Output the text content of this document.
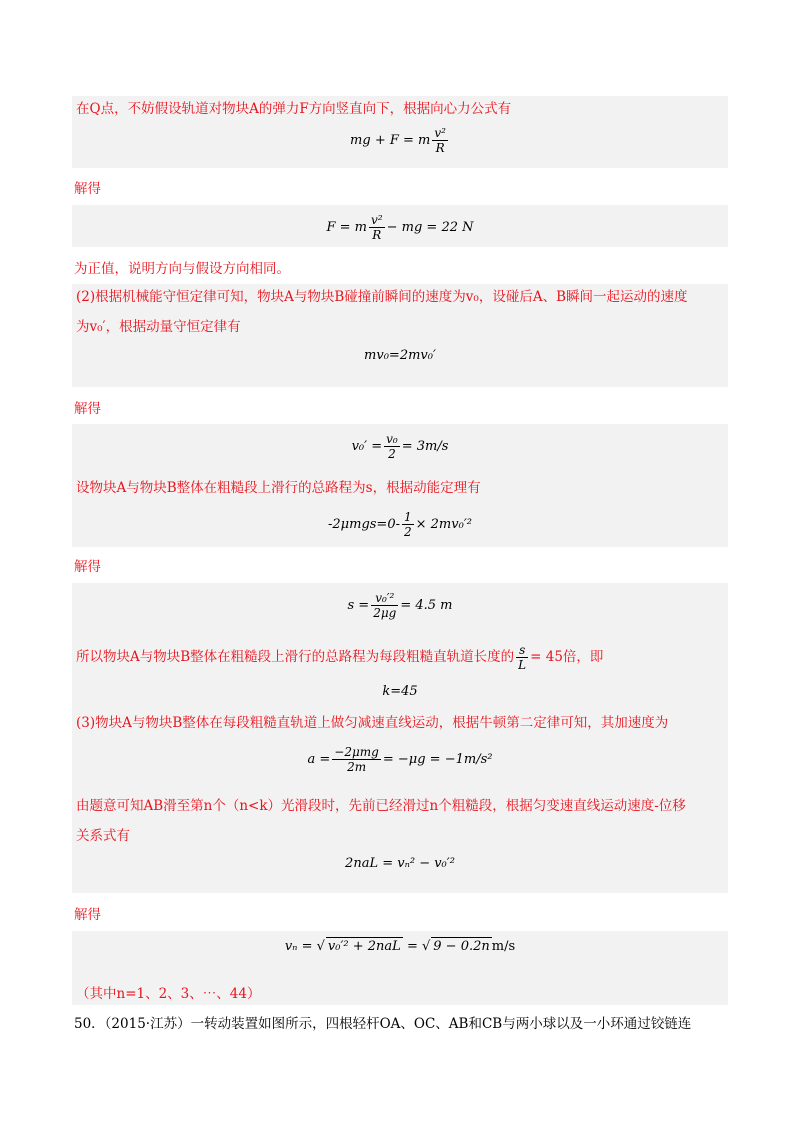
在Q点，不妨假设轨道对物块A的弹力F方向竖直向下，根据向心力公式有
mg + F = m $\frac{\text{v²}}{R}$
解得
F = m $\frac{\text{v²}}{R}$ − mg = 22 N
为正值，说明方向与假设方向相同。
(2)根据机械能守恒定律可知，物块A与物块B碰撞前瞬间的速度为v₀，设碰后A、B瞬间一起运动的速度
为v₀′，根据动量守恒定律有
mv₀=2mv₀′
解得
$v_0' = \frac{\text{v₀}}{2} = 3m/s$
设物块A与物块B整体在粗糙段上滑行的总路程为s，根据动能定理有
$-2\mu mgs=0- \frac{1}{2} \times 2mv_0'^2$
解得
$s = \frac{\text{v₀′²}}{2\mu g} = 4.5$ m
所以物块A与物块B整体在粗糙段上滑行的总路程为每段粗糙直轨道长度的 $\frac{s}{L} = 45$倍，即
k=45
(3)物块A与物块B整体在每段粗糙直轨道上做匀减速直线运动，根据牛顿第二定律可知，其加速度为
$a = \frac{\text{−2μmg}}{2m} = -\mu g = -1m/s^2$
由题意可知AB滑至第n个（n<k）光滑段时，先前已经滑过n个粗糙段，根据匀变速直线运动速度-位移
关系式有
2naL = vₙ² − v₀′²
解得
vₙ = √ v₀′² + 2naL = √ 9 − 0.2n m/s
（其中n=1、2、3、⋯、44）
50．（2015·江苏）一转动装置如图所示，四根轻杆OA、OC、AB和CB与两小球以及一小环通过铰链连
